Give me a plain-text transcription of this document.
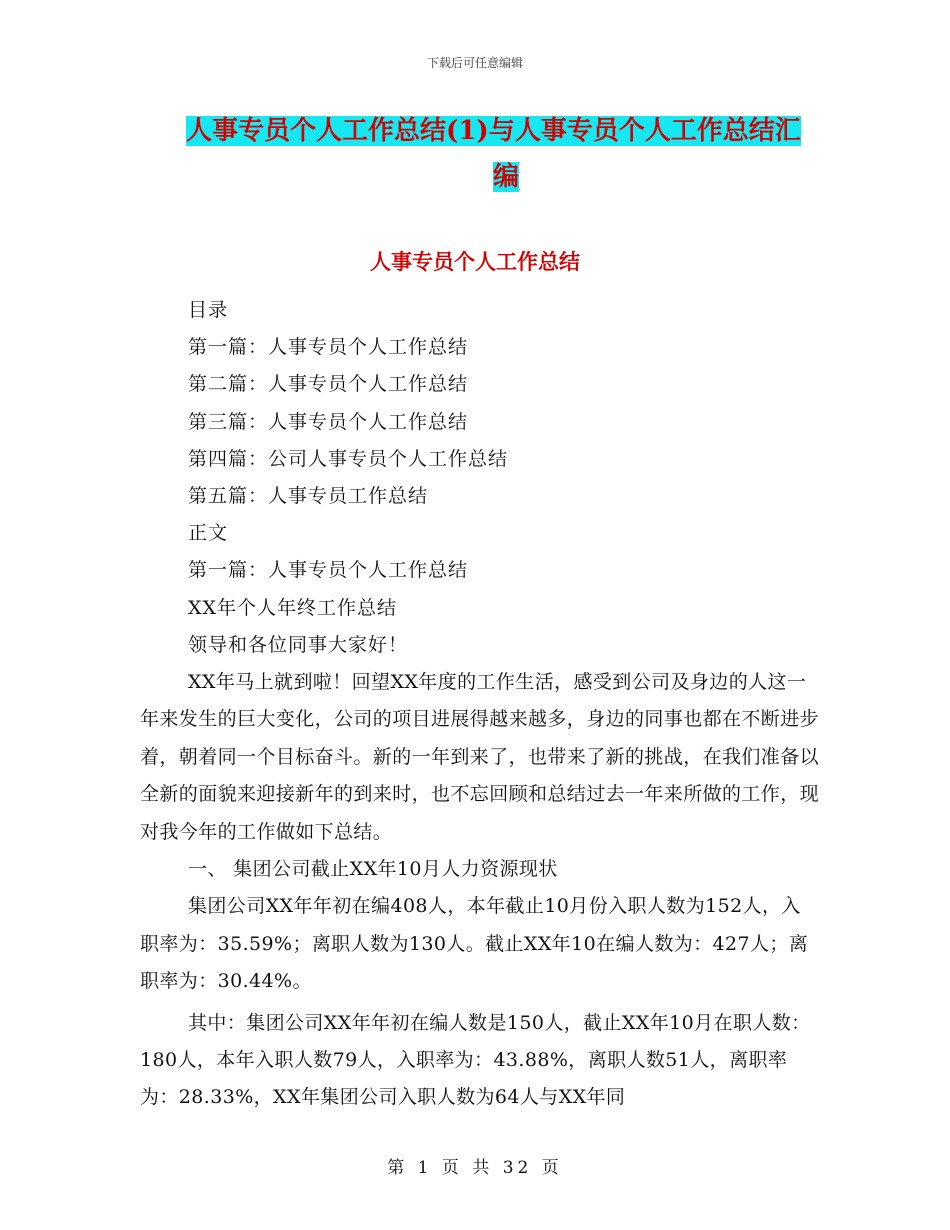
下载后可任意编辑
人事专员个人工作总结(1)与人事专员个人工作总结汇
编
人事专员个人工作总结
目录
第一篇：人事专员个人工作总结
第二篇：人事专员个人工作总结
第三篇：人事专员个人工作总结
第四篇：公司人事专员个人工作总结
第五篇：人事专员工作总结
正文
第一篇：人事专员个人工作总结
XX年个人年终工作总结
领导和各位同事大家好！

XX年马上就到啦！回望XX年度的工作生活，感受到公司及身边的人这一年来发生的巨大变化，公司的项目进展得越来越多，身边的同事也都在不断进步着，朝着同一个目标奋斗。新的一年到来了，也带来了新的挑战，在我们准备以全新的面貌来迎接新年的到来时，也不忘回顾和总结过去一年来所做的工作，现对我今年的工作做如下总结。

一、 集团公司截止XX年10月人力资源现状

集团公司XX年年初在编408人，本年截止10月份入职人数为152人，入职率为：35.59%；离职人数为130人。截止XX年10在编人数为：427人；离职率为：30.44%。

其中：集团公司XX年年初在编人数是150人，截止XX年10月在职人数：180人，本年入职人数79人，入职率为：43.88%，离职人数51人，离职率为：28.33%，XX年集团公司入职人数为64人与XX年同

第 1 页 共 32 页
